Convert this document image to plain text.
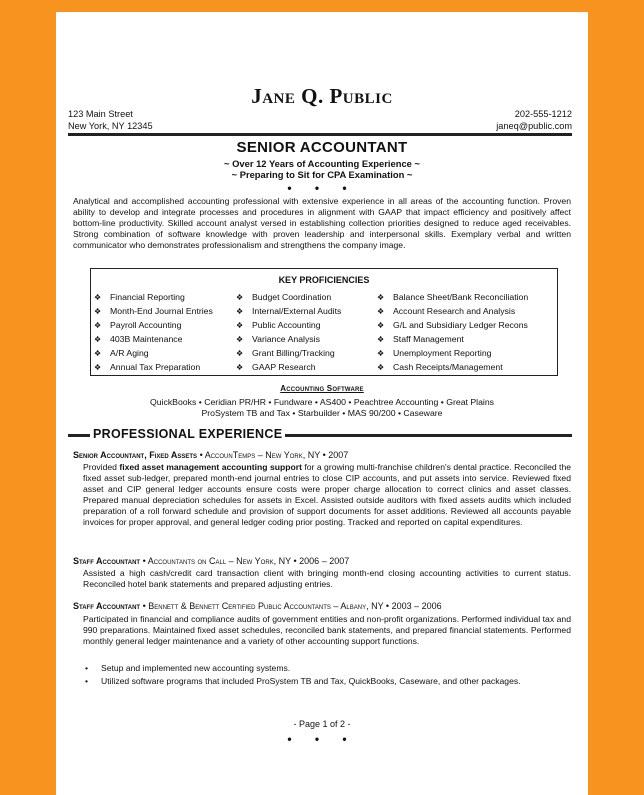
Jane Q. Public
123 Main Street
New York, NY 12345
202-555-1212
janeq@public.com
SENIOR ACCOUNTANT
~ Over 12 Years of Accounting Experience ~
~ Preparing to Sit for CPA Examination ~
• • •
Analytical and accomplished accounting professional with extensive experience in all areas of the accounting function. Proven ability to develop and integrate processes and procedures in alignment with GAAP that impact efficiency and positively affect bottom-line productivity. Skilled account analyst versed in establishing collection priorities designed to reduce aged receivables. Strong combination of software knowledge with proven leadership and interpersonal skills. Exemplary verbal and written communicator who demonstrates professionalism and strengthens the company image.
KEY PROFICIENCIES
❖ Financial Reporting
❖ Month-End Journal Entries
❖ Payroll Accounting
❖ 403B Maintenance
❖ A/R Aging
❖ Annual Tax Preparation
❖ Budget Coordination
❖ Internal/External Audits
❖ Public Accounting
❖ Variance Analysis
❖ Grant Billing/Tracking
❖ GAAP Research
❖ Balance Sheet/Bank Reconciliation
❖ Account Research and Analysis
❖ G/L and Subsidiary Ledger Recons
❖ Staff Management
❖ Unemployment Reporting
❖ Cash Receipts/Management
Accounting Software
QuickBooks • Ceridian PR/HR • Fundware • AS400 • Peachtree Accounting • Great Plains
ProSystem TB and Tax • Starbuilder • MAS 90/200 • Caseware
PROFESSIONAL EXPERIENCE
Senior Accountant, Fixed Assets • AccounTemps – New York, NY • 2007
Provided fixed asset management accounting support for a growing multi-franchise children's dental practice. Reconciled the fixed asset sub-ledger, prepared month-end journal entries to close CIP accounts, and put assets into service. Reviewed fixed asset and CIP general ledger accounts ensure costs were proper charge allocation to correct clinics and asset classes. Prepared manual depreciation schedules for assets in Excel. Assisted outside auditors with fixed assets audits which included preparation of a roll forward schedule and provision of support documents for asset additions. Reviewed all accounts payable invoices for proper approval, and general ledger coding prior posting. Tracked and reported on capital expenditures.
Staff Accountant • Accountants on Call – New York, NY • 2006 – 2007
Assisted a high cash/credit card transaction client with bringing month-end closing accounting activities to current status. Reconciled hotel bank statements and prepared adjusting entries.
Staff Accountant • Bennett & Bennett Certified Public Accountants – Albany, NY • 2003 – 2006
Participated in financial and compliance audits of government entities and non-profit organizations. Performed individual tax and 990 preparations. Maintained fixed asset schedules, reconciled bank statements, and prepared financial statements. Performed monthly general ledger maintenance and a variety of other accounting support functions.
• Setup and implemented new accounting systems.
• Utilized software programs that included ProSystem TB and Tax, QuickBooks, Caseware, and other packages.
- Page 1 of 2 -
• • •
